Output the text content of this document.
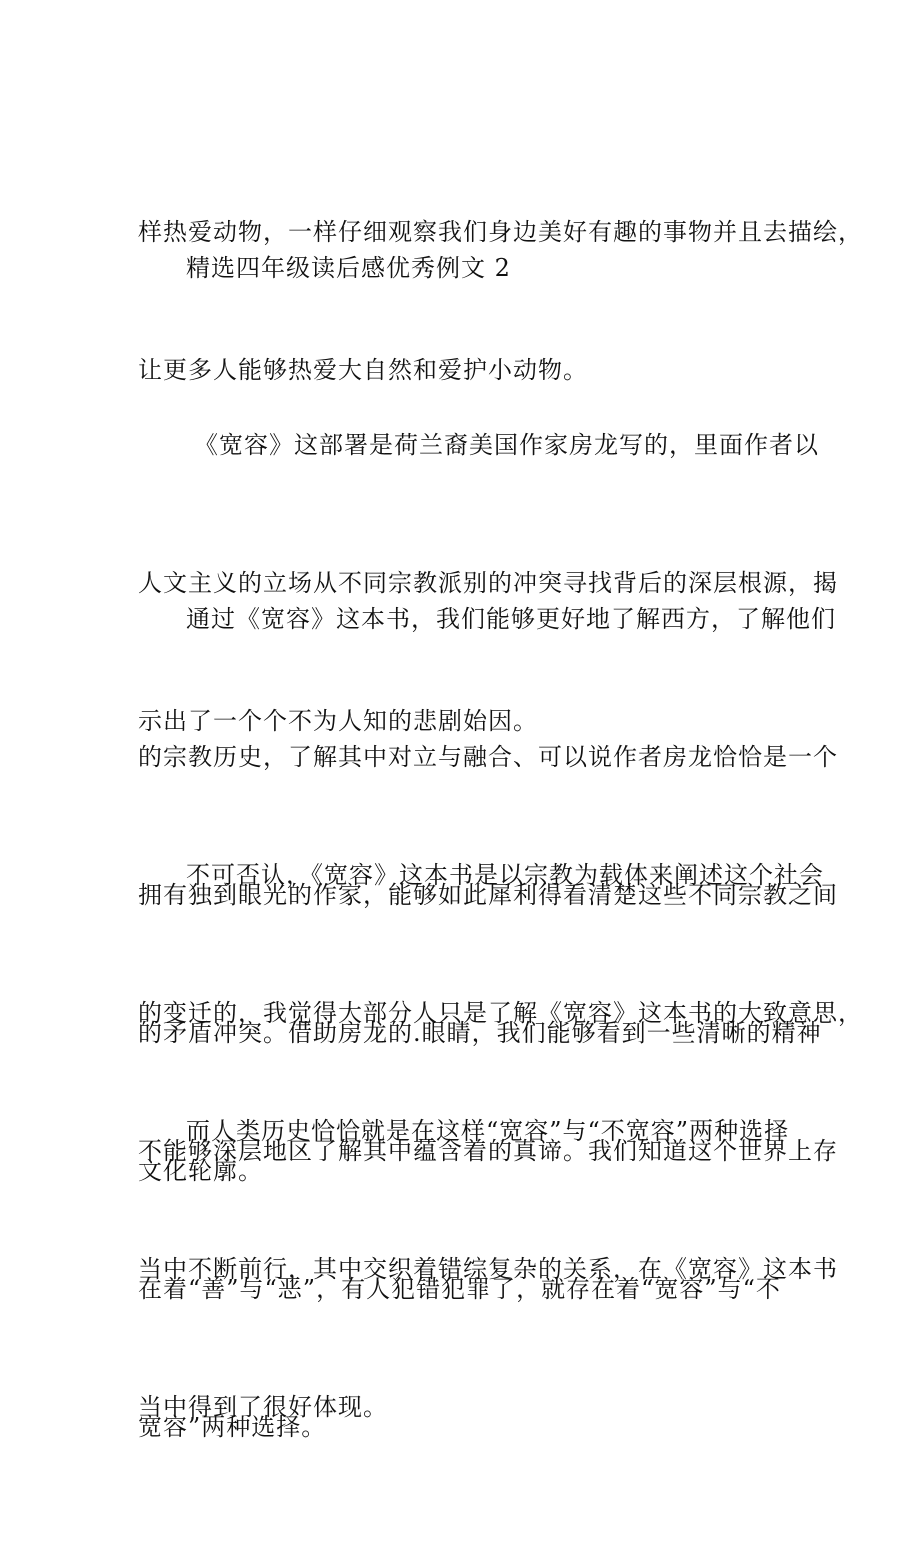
样热爱动物，一样仔细观察我们身边美好有趣的事物并且去描绘，

让更多人能够热爱大自然和爱护小动物。

精选四年级读后感优秀例文 2

《宽容》这部署是荷兰裔美国作家房龙写的，里面作者以

人文主义的立场从不同宗教派别的冲突寻找背后的深层根源，揭

示出了一个个不为人知的悲剧始因。

通过《宽容》这本书，我们能够更好地了解西方，了解他们

的宗教历史，了解其中对立与融合、可以说作者房龙恰恰是一个

拥有独到眼光的作家，能够如此犀利得看清楚这些不同宗教之间

的矛盾冲突。借助房龙的.眼睛，我们能够看到一些清晰的精神

文化轮廓。

不可否认，《宽容》这本书是以宗教为载体来阐述这个社会

的变迁的，我觉得大部分人只是了解《宽容》这本书的大致意思，

不能够深层地区了解其中蕴含着的真谛。我们知道这个世界上存

在着“善”与“恶”，有人犯错犯罪了，就存在着“宽容”与“不

宽容”两种选择。

而人类历史恰恰就是在这样“宽容”与“不宽容”两种选择

当中不断前行，其中交织着错综复杂的关系，在《宽容》这本书

当中得到了很好体现。
